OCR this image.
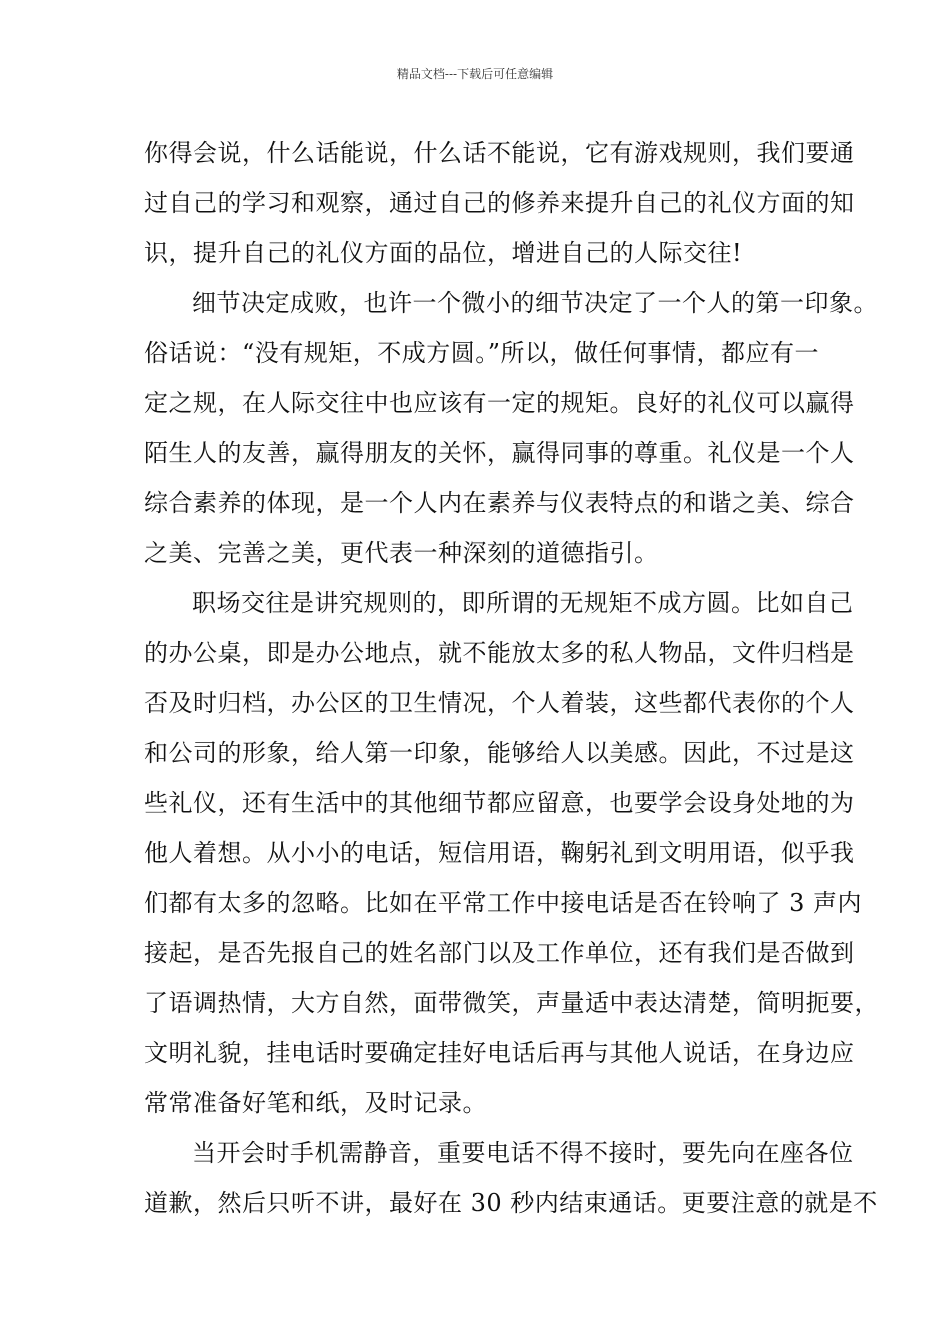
精品文档---下载后可任意编辑
你得会说，什么话能说，什么话不能说，它有游戏规则，我们要通
过自己的学习和观察，通过自己的修养来提升自己的礼仪方面的知
识，提升自己的礼仪方面的品位，增进自己的人际交往!
细节决定成败，也许一个微小的细节决定了一个人的第一印象。
俗话说：“没有规矩，不成方圆。”所以，做任何事情，都应有一
定之规，在人际交往中也应该有一定的规矩。良好的礼仪可以赢得
陌生人的友善，赢得朋友的关怀，赢得同事的尊重。礼仪是一个人
综合素养的体现，是一个人内在素养与仪表特点的和谐之美、综合
之美、完善之美，更代表一种深刻的道德指引。
职场交往是讲究规则的，即所谓的无规矩不成方圆。比如自己
的办公桌，即是办公地点，就不能放太多的私人物品，文件归档是
否及时归档，办公区的卫生情况，个人着装，这些都代表你的个人
和公司的形象，给人第一印象，能够给人以美感。因此，不过是这
些礼仪，还有生活中的其他细节都应留意，也要学会设身处地的为
他人着想。从小小的电话，短信用语，鞠躬礼到文明用语，似乎我
们都有太多的忽略。比如在平常工作中接电话是否在铃响了 3 声内
接起，是否先报自己的姓名部门以及工作单位，还有我们是否做到
了语调热情，大方自然，面带微笑，声量适中表达清楚，简明扼要，
文明礼貌，挂电话时要确定挂好电话后再与其他人说话，在身边应
常常准备好笔和纸，及时记录。
当开会时手机需静音，重要电话不得不接时，要先向在座各位
道歉，然后只听不讲，最好在 30 秒内结束通话。更要注意的就是不
